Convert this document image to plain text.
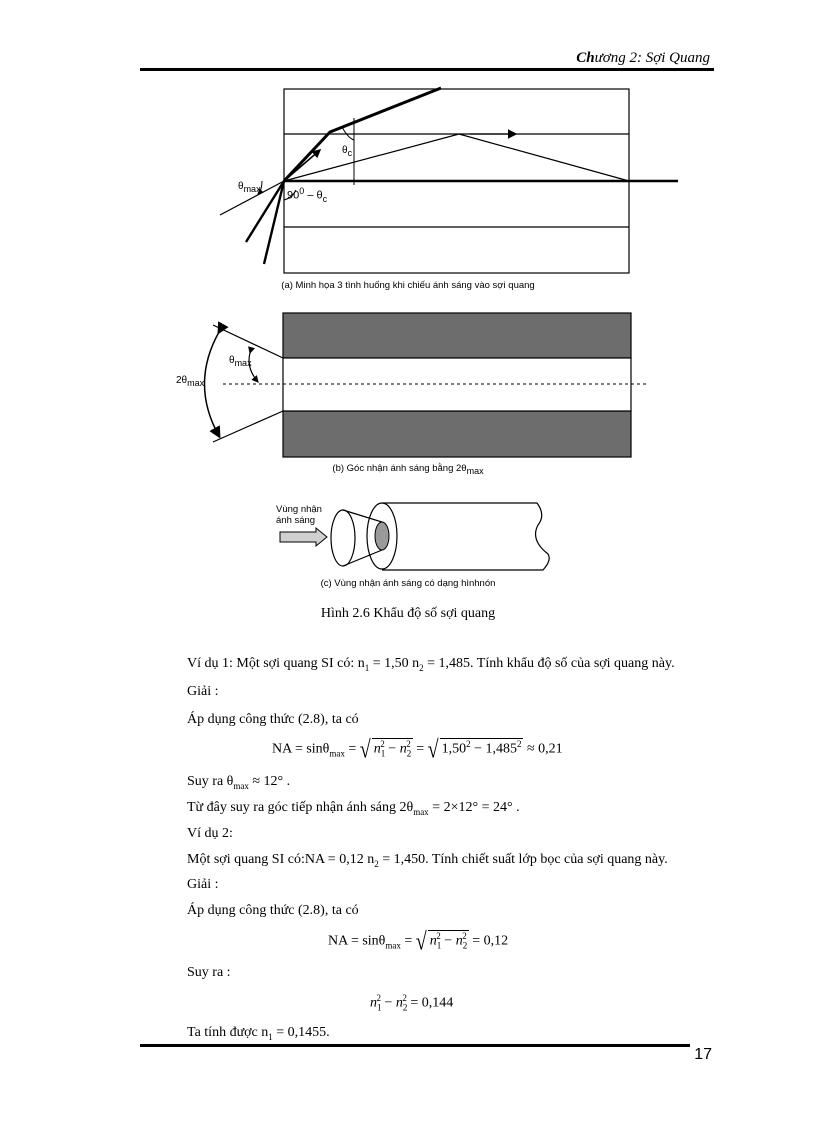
Chương 2: Sợi Quang
$\theta_c$
$\theta_{max}$
$90^0 - \theta_c$
(a) Minh họa 3 tình huống khi chiếu ánh sáng vào sợi quang
$\theta_{max}$
$2\theta_{max}$
(b) Góc nhận ánh sáng bằng $2\theta_{max}$
Vùng nhận
ánh sáng
(c) Vùng nhận ánh sáng có dạng hìnhnón
Hình 2.6 Khẩu độ số sợi quang
Ví dụ 1: Một sợi quang SI có: $n_1 = 1,50$ $n_2 = 1,485$. Tính khẩu độ số của sợi quang này.
Giải :
Áp dụng công thức (2.8), ta có
NA = sinθ$_{max}$ = √ $n_1^2 - n_2^2$ = √ $1,50^2 - 1,485^2 \approx 0,21$
Suy ra $\theta_{max} \approx 12^\circ$ .
Từ đây suy ra góc tiếp nhận ánh sáng $2\theta_{max} = 2\times 12^\circ = 24^\circ$ .
Ví dụ 2:
Một sợi quang SI có:NA = 0,12 $n_2 = 1,450$. Tính chiết suất lớp bọc của sợi quang này.
Giải :
Áp dụng công thức (2.8), ta có
NA = sinθ$_{max}$ = √ $n_1^2 - n_2^2 = 0,12$
Suy ra :
$n_1^2 - n_2^2 = 0,144$
Ta tính được $n_1 = 0,1455$.
17
